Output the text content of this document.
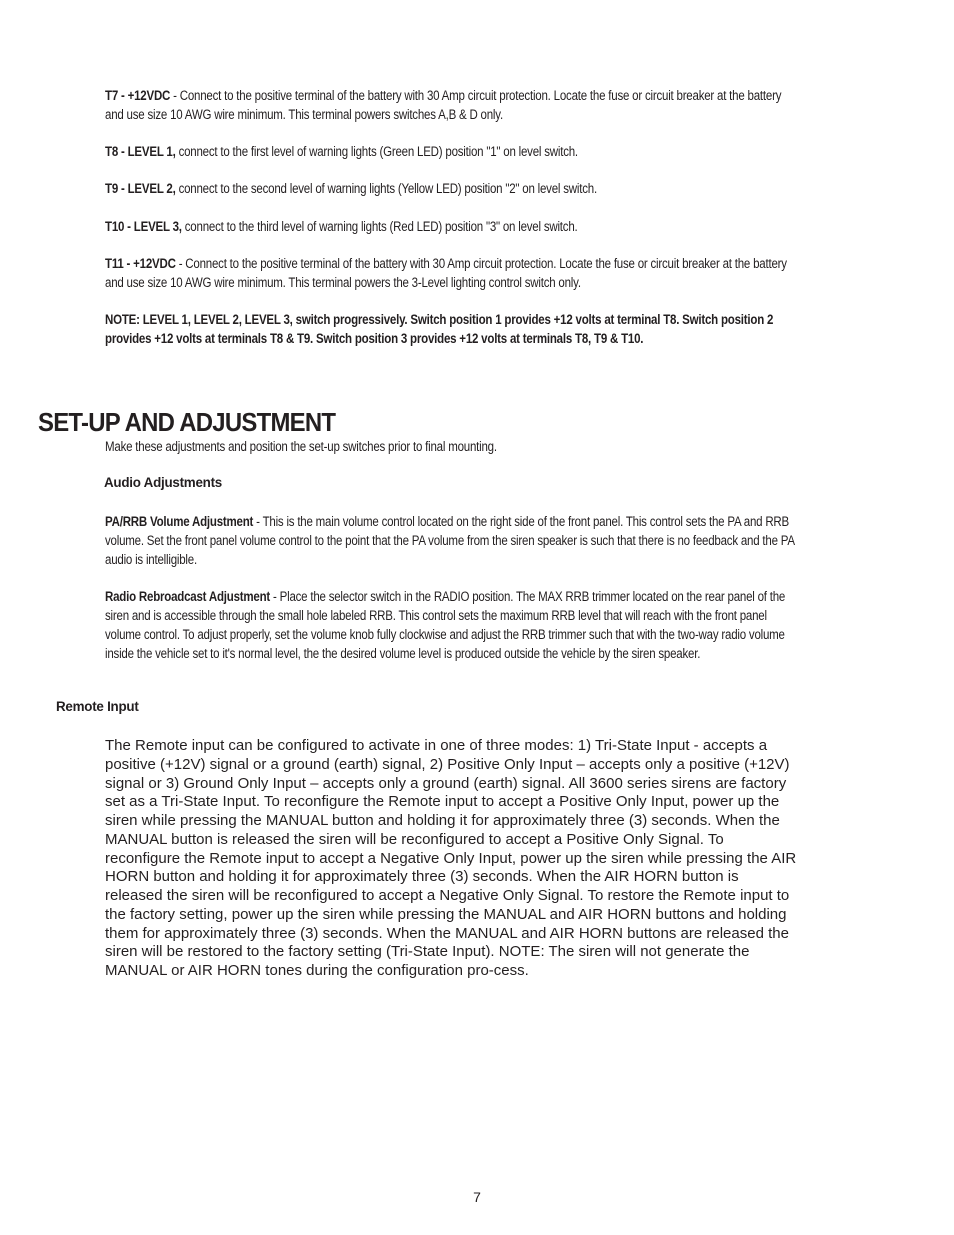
T7 - +12VDC - Connect to the positive terminal of the battery with 30 Amp circuit protection. Locate the fuse or circuit breaker at the battery and use size 10 AWG wire minimum. This terminal powers switches A,B & D only.

T8 - LEVEL 1, connect to the first level of warning lights (Green LED) position "1" on level switch.

T9 - LEVEL 2, connect to the second level of warning lights (Yellow LED) position "2" on level switch.

T10 - LEVEL 3, connect to the third level of warning lights (Red LED) position "3" on level switch.

T11 - +12VDC - Connect to the positive terminal of the battery with 30 Amp circuit protection. Locate the fuse or circuit breaker at the battery and use size 10 AWG wire minimum. This terminal powers the 3-Level lighting control switch only.

NOTE: LEVEL 1, LEVEL 2, LEVEL 3, switch progressively. Switch position 1 provides +12 volts at terminal T8. Switch position 2 provides +12 volts at terminals T8 & T9. Switch position 3 provides +12 volts at terminals T8, T9 & T10.

SET-UP AND ADJUSTMENT

Make these adjustments and position the set-up switches prior to final mounting.

Audio Adjustments

PA/RRB Volume Adjustment - This is the main volume control located on the right side of the front panel. This control sets the PA and RRB volume. Set the front panel volume control to the point that the PA volume from the siren speaker is such that there is no feedback and the PA audio is intelligible.

Radio Rebroadcast Adjustment - Place the selector switch in the RADIO position. The MAX RRB trimmer located on the rear panel of the siren and is accessible through the small hole labeled RRB. This control sets the maximum RRB level that will reach with the front panel volume control. To adjust properly, set the volume knob fully clockwise and adjust the RRB trimmer such that with the two-way radio volume inside the vehicle set to it's normal level, the the desired volume level is produced outside the vehicle by the siren speaker.

Remote Input

The Remote input can be configured to activate in one of three modes: 1) Tri-State Input - accepts a positive (+12V) signal or a ground (earth) signal, 2) Positive Only Input – accepts only a positive (+12V) signal or 3) Ground Only Input – accepts only a ground (earth) signal. All 3600 series sirens are factory set as a Tri-State Input. To reconfigure the Remote input to accept a Positive Only Input, power up the siren while pressing the MANUAL button and holding it for approximately three (3) seconds. When the MANUAL button is released the siren will be reconfigured to accept a Positive Only Signal. To reconfigure the Remote input to accept a Negative Only Input, power up the siren while pressing the AIR HORN button and holding it for approximately three (3) seconds. When the AIR HORN button is released the siren will be reconfigured to accept a Negative Only Signal. To restore the Remote input to the factory setting, power up the siren while pressing the MANUAL and AIR HORN buttons and holding them for approximately three (3) seconds. When the MANUAL and AIR HORN buttons are released the siren will be restored to the factory setting (Tri-State Input). NOTE: The siren will not generate the MANUAL or AIR HORN tones during the configuration pro-cess.

7
